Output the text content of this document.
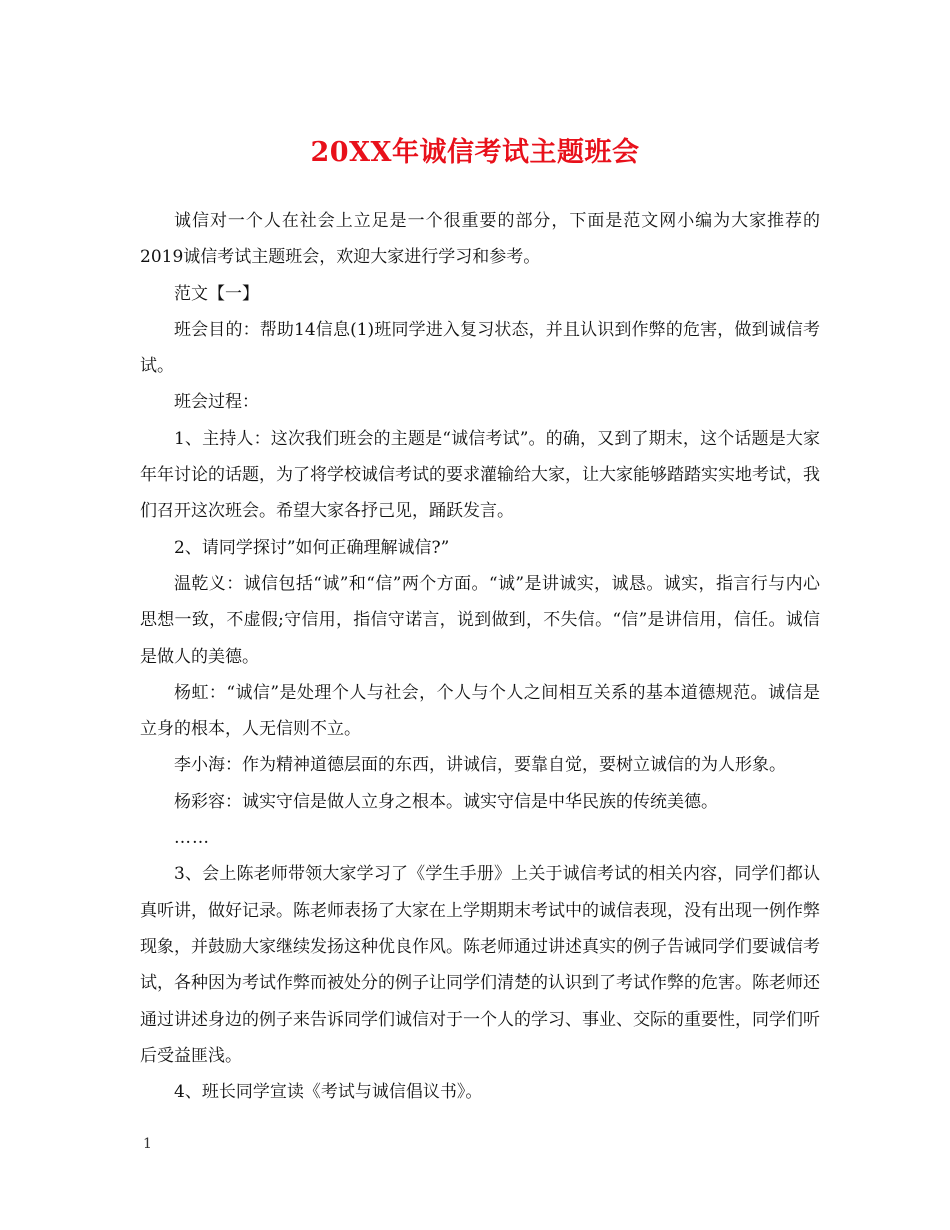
20XX年诚信考试主题班会

诚信对一个人在社会上立足是一个很重要的部分，下面是范文网小编为大家推荐的2019诚信考试主题班会，欢迎大家进行学习和参考。

范文【一】

班会目的：帮助14信息(1)班同学进入复习状态，并且认识到作弊的危害，做到诚信考试。

班会过程：

1、主持人：这次我们班会的主题是“诚信考试”。的确，又到了期末，这个话题是大家年年讨论的话题，为了将学校诚信考试的要求灌输给大家，让大家能够踏踏实实地考试，我们召开这次班会。希望大家各抒己见，踊跃发言。

2、请同学探讨”如何正确理解诚信?”

温乾义：诚信包括“诚”和“信”两个方面。“诚”是讲诚实，诚恳。诚实，指言行与内心思想一致，不虚假;守信用，指信守诺言，说到做到，不失信。“信”是讲信用，信任。诚信是做人的美德。

杨虹：“诚信”是处理个人与社会，个人与个人之间相互关系的基本道德规范。诚信是立身的根本，人无信则不立。

李小海：作为精神道德层面的东西，讲诚信，要靠自觉，要树立诚信的为人形象。

杨彩容：诚实守信是做人立身之根本。诚实守信是中华民族的传统美德。

……

3、会上陈老师带领大家学习了《学生手册》上关于诚信考试的相关内容，同学们都认真听讲，做好记录。陈老师表扬了大家在上学期期末考试中的诚信表现，没有出现一例作弊现象，并鼓励大家继续发扬这种优良作风。陈老师通过讲述真实的例子告诫同学们要诚信考试，各种因为考试作弊而被处分的例子让同学们清楚的认识到了考试作弊的危害。陈老师还通过讲述身边的例子来告诉同学们诚信对于一个人的学习、事业、交际的重要性，同学们听后受益匪浅。

4、班长同学宣读《考试与诚信倡议书》。

1
